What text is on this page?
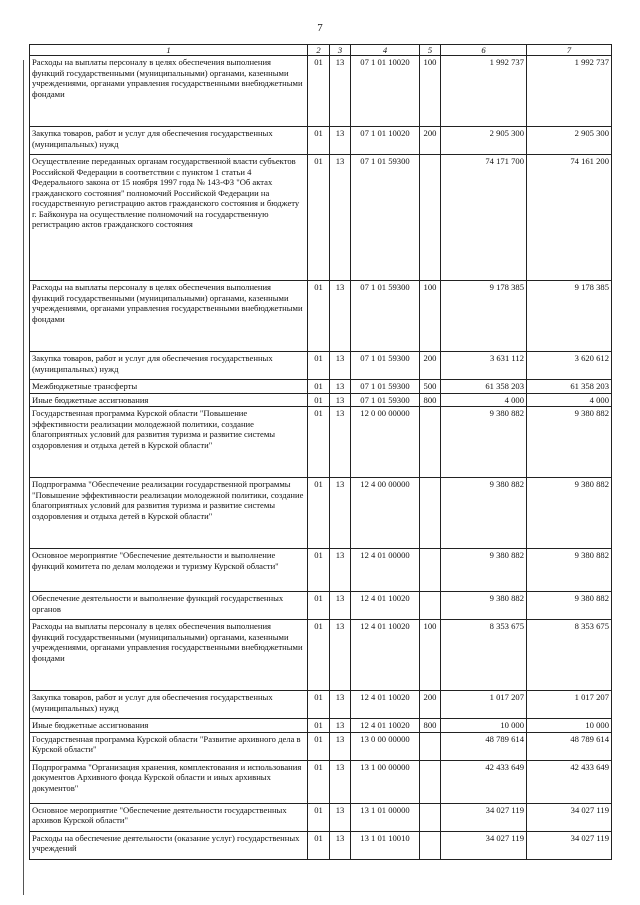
7
1	2	3	4	5	6	7
Расходы на выплаты персоналу в целях обеспечения выполнения функций государственными (муниципальными) органами, казенными учреждениями, органами управления государственными внебюджетными фондами	01	13	07 1 01 10020	100	1 992 737	1 992 737
Закупка товаров, работ и услуг для обеспечения государственных (муниципальных) нужд	01	13	07 1 01 10020	200	2 905 300	2 905 300
Осуществление переданных органам государственной власти субъектов Российской Федерации в соответствии с пунктом 1 статьи 4 Федерального закона от 15 ноября 1997 года № 143-ФЗ "Об актах гражданского состояния" полномочий Российской Федерации на государственную регистрацию актов гражданского состояния и бюджету г. Байконура на осуществление полномочий на государственную регистрацию актов гражданского состояния	01	13	07 1 01 59300		74 171 700	74 161 200
Расходы на выплаты персоналу в целях обеспечения выполнения функций государственными (муниципальными) органами, казенными учреждениями, органами управления государственными внебюджетными фондами	01	13	07 1 01 59300	100	9 178 385	9 178 385
Закупка товаров, работ и услуг для обеспечения государственных (муниципальных) нужд	01	13	07 1 01 59300	200	3 631 112	3 620 612
Межбюджетные трансферты	01	13	07 1 01 59300	500	61 358 203	61 358 203
Иные бюджетные ассигнования	01	13	07 1 01 59300	800	4 000	4 000
Государственная программа Курской области "Повышение эффективности реализации молодежной политики, создание благоприятных условий для развития туризма и развитие системы оздоровления и отдыха детей в Курской области"	01	13	12 0 00 00000		9 380 882	9 380 882
Подпрограмма "Обеспечение реализации государственной программы "Повышение эффективности реализации молодежной политики, создание благоприятных условий для развития туризма и развитие системы оздоровления и отдыха детей в Курской области"	01	13	12 4 00 00000		9 380 882	9 380 882
Основное мероприятие "Обеспечение деятельности и выполнение функций комитета по делам молодежи и туризму Курской области"	01	13	12 4 01 00000		9 380 882	9 380 882
Обеспечение деятельности и выполнение функций государственных органов	01	13	12 4 01 10020		9 380 882	9 380 882
Расходы на выплаты персоналу в целях обеспечения выполнения функций государственными (муниципальными) органами, казенными учреждениями, органами управления государственными внебюджетными фондами	01	13	12 4 01 10020	100	8 353 675	8 353 675
Закупка товаров, работ и услуг для обеспечения государственных (муниципальных) нужд	01	13	12 4 01 10020	200	1 017 207	1 017 207
Иные бюджетные ассигнования	01	13	12 4 01 10020	800	10 000	10 000
Государственная программа Курской области "Развитие архивного дела в Курской области"	01	13	13 0 00 00000		48 789 614	48 789 614
Подпрограмма "Организация хранения, комплектования и использования документов Архивного фонда Курской области и иных архивных документов"	01	13	13 1 00 00000		42 433 649	42 433 649
Основное мероприятие "Обеспечение деятельности государственных архивов Курской области"	01	13	13 1 01 00000		34 027 119	34 027 119
Расходы на обеспечение деятельности (оказание услуг) государственных учреждений	01	13	13 1 01 10010		34 027 119	34 027 119
